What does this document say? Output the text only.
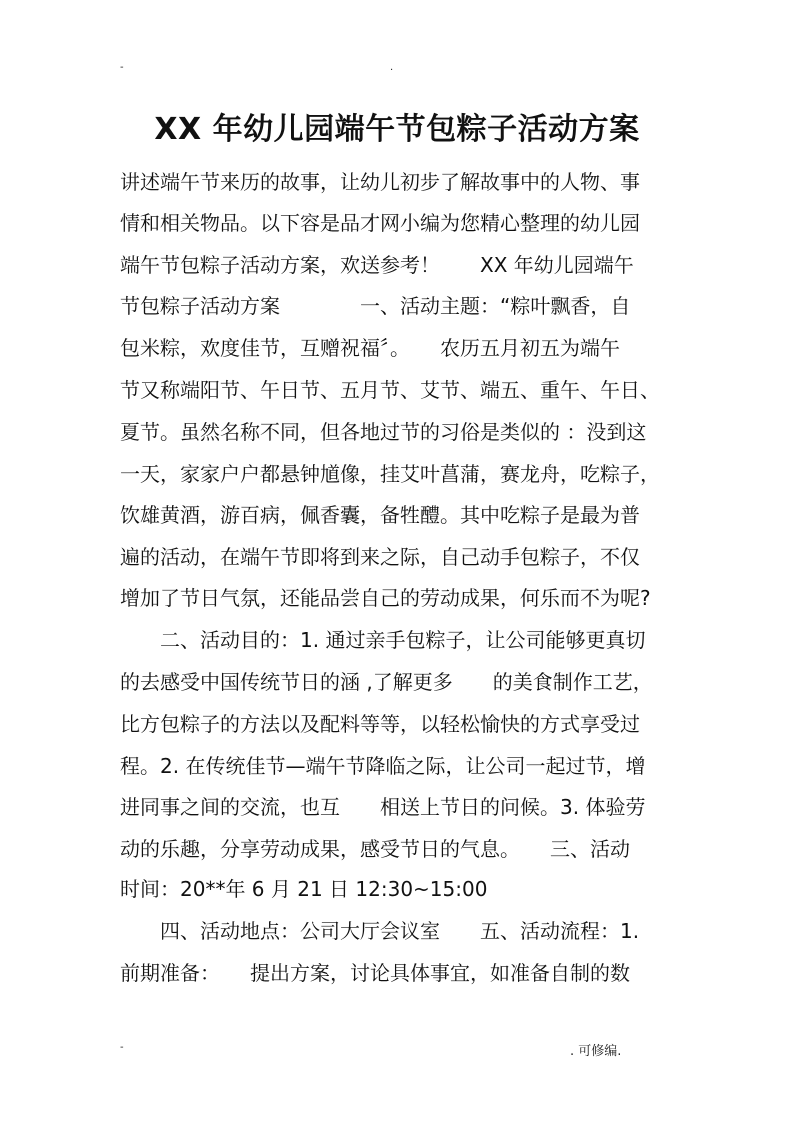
-	.
XX 年幼儿园端午节包粽子活动方案
讲述端午节来历的故事，让幼儿初步了解故事中的人物、事
情和相关物品。以下容是品才网小编为您精心整理的幼儿园
端午节包粽子活动方案，欢送参考！　　XX 年幼儿园端午
节包粽子活动方案　　　　一、活动主题：“粽叶飘香，自
包米粽，欢度佳节，互赠祝福〞。　　农历五月初五为端午
节又称端阳节、午日节、五月节、艾节、端五、重午、午日、
夏节。虽然名称不同，但各地过节的习俗是类似的 ：没到这
一天，家家户户都悬钟馗像，挂艾叶菖蒲，赛龙舟，吃粽子，
饮雄黄酒，游百病，佩香囊，备牲醴。其中吃粽子是最为普
遍的活动，在端午节即将到来之际，自己动手包粽子，不仅
增加了节日气氛，还能品尝自己的劳动成果，何乐而不为呢?
　　二、活动目的：1. 通过亲手包粽子，让公司能够更真切
的去感受中国传统节日的涵 ,了解更多　　的美食制作工艺，
比方包粽子的方法以及配料等等，以轻松愉快的方式享受过
程。2. 在传统佳节—端午节降临之际，让公司一起过节，增
进同事之间的交流，也互　　相送上节日的问候。3. 体验劳
动的乐趣，分享劳动成果，感受节日的气息。　　三、活动
时间：20**年 6 月 21 日 12:30~15:00
　　四、活动地点：公司大厅会议室　　五、活动流程：1.
前期准备：　　提出方案，讨论具体事宜，如准备自制的数
-	. 可修编.
